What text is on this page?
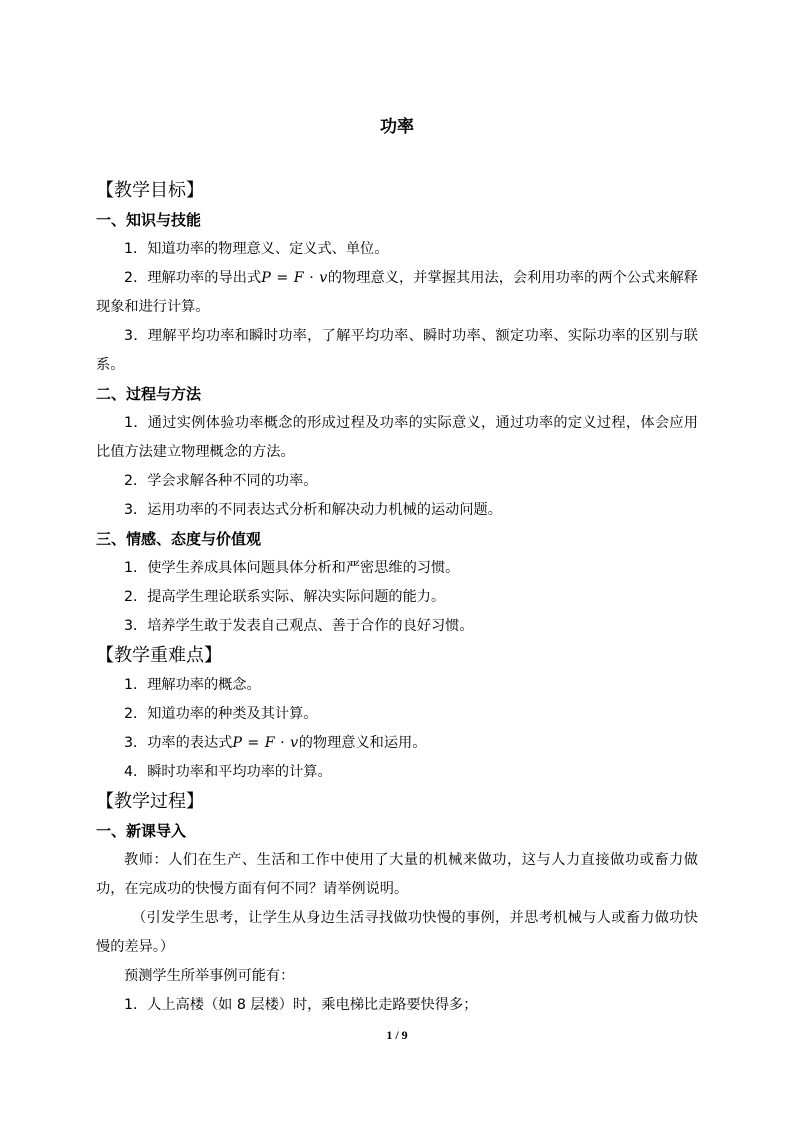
功率
【教学目标】
一、知识与技能
1．知道功率的物理意义、定义式、单位。
2．理解功率的导出式P = F · v的物理意义，并掌握其用法，会利用功率的两个公式来解释现象和进行计算。
3．理解平均功率和瞬时功率，了解平均功率、瞬时功率、额定功率、实际功率的区别与联系。
二、过程与方法
1．通过实例体验功率概念的形成过程及功率的实际意义，通过功率的定义过程，体会应用比值方法建立物理概念的方法。
2．学会求解各种不同的功率。
3．运用功率的不同表达式分析和解决动力机械的运动问题。
三、情感、态度与价值观
1．使学生养成具体问题具体分析和严密思维的习惯。
2．提高学生理论联系实际、解决实际问题的能力。
3．培养学生敢于发表自己观点、善于合作的良好习惯。
【教学重难点】
1．理解功率的概念。
2．知道功率的种类及其计算。
3．功率的表达式P = F · v的物理意义和运用。
4．瞬时功率和平均功率的计算。
【教学过程】
一、新课导入
教师：人们在生产、生活和工作中使用了大量的机械来做功，这与人力直接做功或畜力做功，在完成功的快慢方面有何不同？请举例说明。
（引发学生思考，让学生从身边生活寻找做功快慢的事例，并思考机械与人或畜力做功快慢的差异。）
预测学生所举事例可能有：
1．人上高楼（如 8 层楼）时，乘电梯比走路要快得多；
1 / 9
